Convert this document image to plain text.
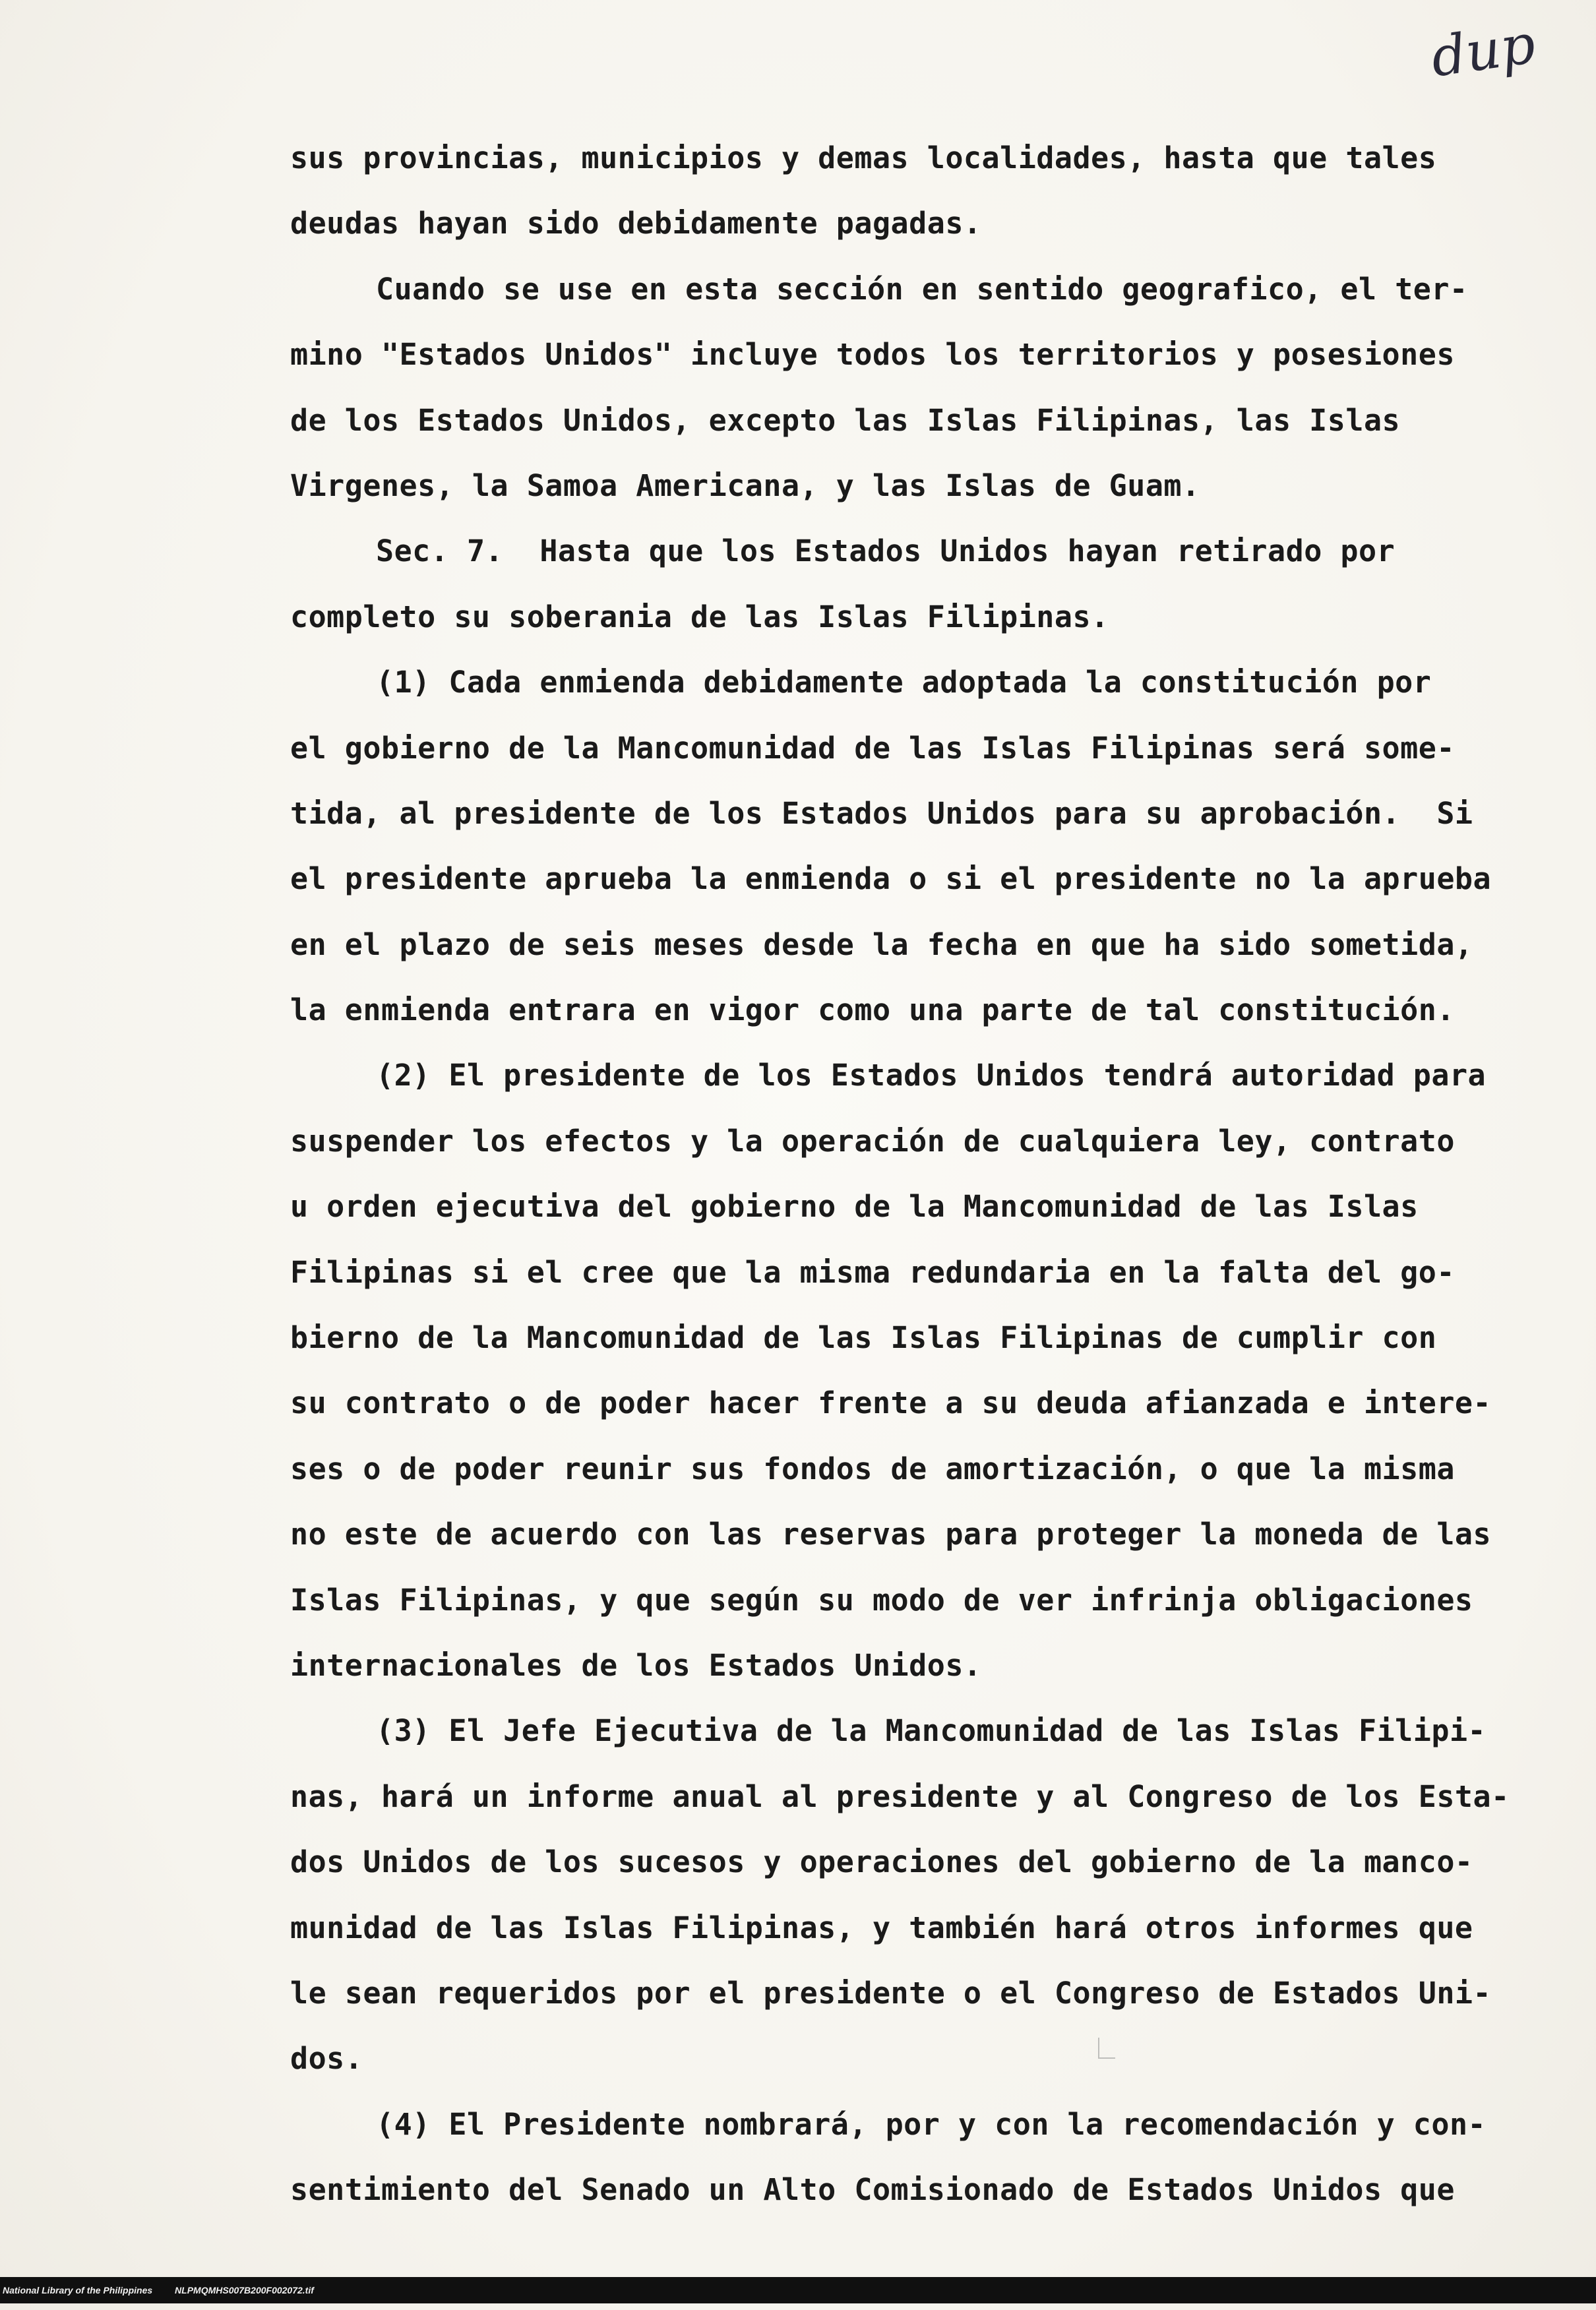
dup
sus provincias, municipios y demas localidades, hasta que tales
deudas hayan sido debidamente pagadas.
Cuando se use en esta sección en sentido geografico, el ter-
mino "Estados Unidos" incluye todos los territorios y posesiones
de los Estados Unidos, excepto las Islas Filipinas, las Islas
Virgenes, la Samoa Americana, y las Islas de Guam.
Sec. 7.  Hasta que los Estados Unidos hayan retirado por
completo su soberania de las Islas Filipinas.
(1) Cada enmienda debidamente adoptada la constitución por
el gobierno de la Mancomunidad de las Islas Filipinas será some-
tida, al presidente de los Estados Unidos para su aprobación.  Si
el presidente aprueba la enmienda o si el presidente no la aprueba
en el plazo de seis meses desde la fecha en que ha sido sometida,
la enmienda entrara en vigor como una parte de tal constitución.
(2) El presidente de los Estados Unidos tendrá autoridad para
suspender los efectos y la operación de cualquiera ley, contrato
u orden ejecutiva del gobierno de la Mancomunidad de las Islas
Filipinas si el cree que la misma redundaria en la falta del go-
bierno de la Mancomunidad de las Islas Filipinas de cumplir con
su contrato o de poder hacer frente a su deuda afianzada e intere-
ses o de poder reunir sus fondos de amortización, o que la misma
no este de acuerdo con las reservas para proteger la moneda de las
Islas Filipinas, y que según su modo de ver infrinja obligaciones
internacionales de los Estados Unidos.
(3) El Jefe Ejecutiva de la Mancomunidad de las Islas Filipi-
nas, hará un informe anual al presidente y al Congreso de los Esta-
dos Unidos de los sucesos y operaciones del gobierno de la manco-
munidad de las Islas Filipinas, y también hará otros informes que
le sean requeridos por el presidente o el Congreso de Estados Uni-
dos.
(4) El Presidente nombrará, por y con la recomendación y con-
sentimiento del Senado un Alto Comisionado de Estados Unidos que
National Library of the Philippines NLPMQMHS007B200F002072.tif
